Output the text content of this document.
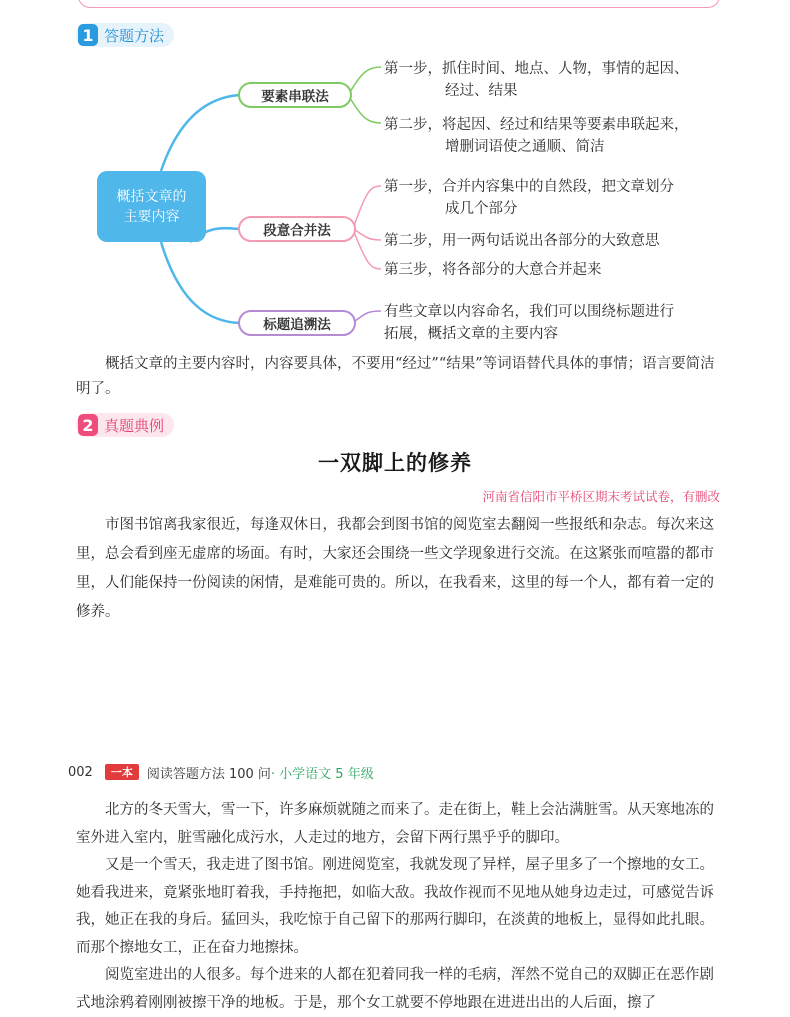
1 答题方法
概括文章的
主要内容
要素串联法
段意合并法
标题追溯法
第一步，抓住时间、地点、人物，事情的起因、
经过、结果
第二步，将起因、经过和结果等要素串联起来，
增删词语使之通顺、简洁
第一步，合并内容集中的自然段，把文章划分
成几个部分
第二步，用一两句话说出各部分的大致意思
第三步，将各部分的大意合并起来
有些文章以内容命名，我们可以围绕标题进行
拓展，概括文章的主要内容
概括文章的主要内容时，内容要具体，不要用“经过”“结果”等词语替代具体的事情；语言要简洁明了。
2 真题典例
一双脚上的修养
河南省信阳市平桥区期末考试试卷，有删改
市图书馆离我家很近，每逢双休日，我都会到图书馆的阅览室去翻阅一些报纸和杂志。每次来这里，总会看到座无虚席的场面。有时，大家还会围绕一些文学现象进行交流。在这紧张而喧嚣的都市里，人们能保持一份阅读的闲情，是难能可贵的。所以，在我看来，这里的每一个人，都有着一定的修养。
002	一本	阅读答题方法 100 问 · 小学语文 5 年级
北方的冬天雪大，雪一下，许多麻烦就随之而来了。走在街上，鞋上会沾满脏雪。从天寒地冻的室外进入室内，脏雪融化成污水，人走过的地方，会留下两行黑乎乎的脚印。
又是一个雪天，我走进了图书馆。刚进阅览室，我就发现了异样，屋子里多了一个擦地的女工。她看我进来，竟紧张地盯着我，手持拖把，如临大敌。我故作视而不见地从她身边走过，可感觉告诉我，她正在我的身后。猛回头，我吃惊于自己留下的那两行脚印，在淡黄的地板上，显得如此扎眼。而那个擦地女工，正在奋力地擦抹。
阅览室进出的人很多。每个进来的人都在犯着同我一样的毛病，浑然不觉自己的双脚正在恶作剧式地涂鸦着刚刚被擦干净的地板。于是，那个女工就要不停地跟在进进出出的人后面，擦了
